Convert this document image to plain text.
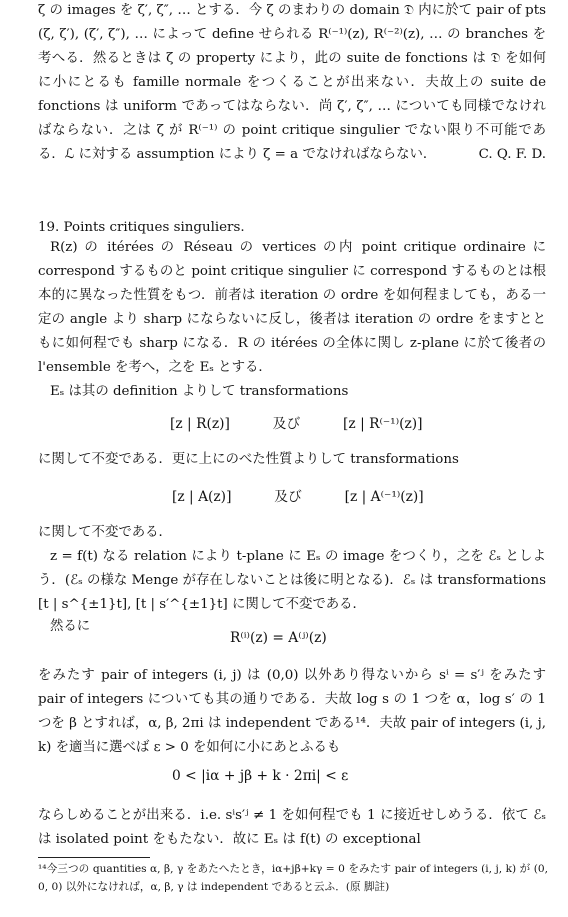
ζ の images を ζ′, ζ″, … とする．今 ζ のまわりの domain 𝔇 内に於て pair of pts (ζ, ζ′), (ζ′, ζ″), … によって define せられる R⁽⁻¹⁾(z), R⁽⁻²⁾(z), … の branches を考へる．然るときは ζ の property により，此の suite de fonctions は 𝔇 を如何に小にとるも famille normale をつくることが出来ない．夫故上の suite de fonctions は uniform であってはならない．尚 ζ′, ζ″, … についても同様でなければならない．之は ζ が R⁽⁻¹⁾ の point critique singulier でない限り不可能である．ℒ に対する assumption により ζ = a でなければならない．	C. Q. F. D.

19. Points critiques singuliers.

R(z) の itérées の Réseau の vertices の内 point critique ordinaire に correspond するものと point critique singulier に correspond するものとは根本的に異なった性質をもつ．前者は iteration の ordre を如何程ましても，ある一定の angle より sharp にならないに反し，後者は iteration の ordre をますとともに如何程でも sharp になる．R の itérées の全体に関し z-plane に於て後者の l'ensemble を考へ，之を Eₛ とする．

Eₛ は其の definition よりして transformations

[z | R(z)]	及び	[z | R⁽⁻¹⁾(z)]

に関して不変である．更に上にのべた性質よりして transformations

[z | A(z)]	及び	[z | A⁽⁻¹⁾(z)]

に関して不変である．

z = f(t) なる relation により t-plane に Eₛ の image をつくり，之を ℰₛ としよう．(ℰₛ の様な Menge が存在しないことは後に明となる)．ℰₛ は transformations [t | s^{±1}t], [t | s′^{±1}t] に関して不変である．

然るに

R⁽ⁱ⁾(z) = A⁽ʲ⁾(z)

をみたす pair of integers (i, j) は (0,0) 以外あり得ないから sⁱ = s′ʲ をみたす pair of integers についても其の通りである．夫故 log s の 1 つを α，log s′ の 1 つを β とすれば，α, β, 2πi は independent である¹⁴．夫故 pair of integers (i, j, k) を適当に選べば ε > 0 を如何に小にあとふるも

0 < |iα + jβ + k · 2πi| < ε

ならしめることが出来る．i.e. sⁱs′ʲ ≠ 1 を如何程でも 1 に接近せしめうる．依て ℰₛ は isolated point をもたない．故に Eₛ は f(t) の exceptional

¹⁴今三つの quantities α, β, γ をあたへたとき，iα+jβ+kγ = 0 をみたす pair of integers (i, j, k) が (0, 0, 0) 以外になければ，α, β, γ は independent であると云ふ．(原 脚註)
